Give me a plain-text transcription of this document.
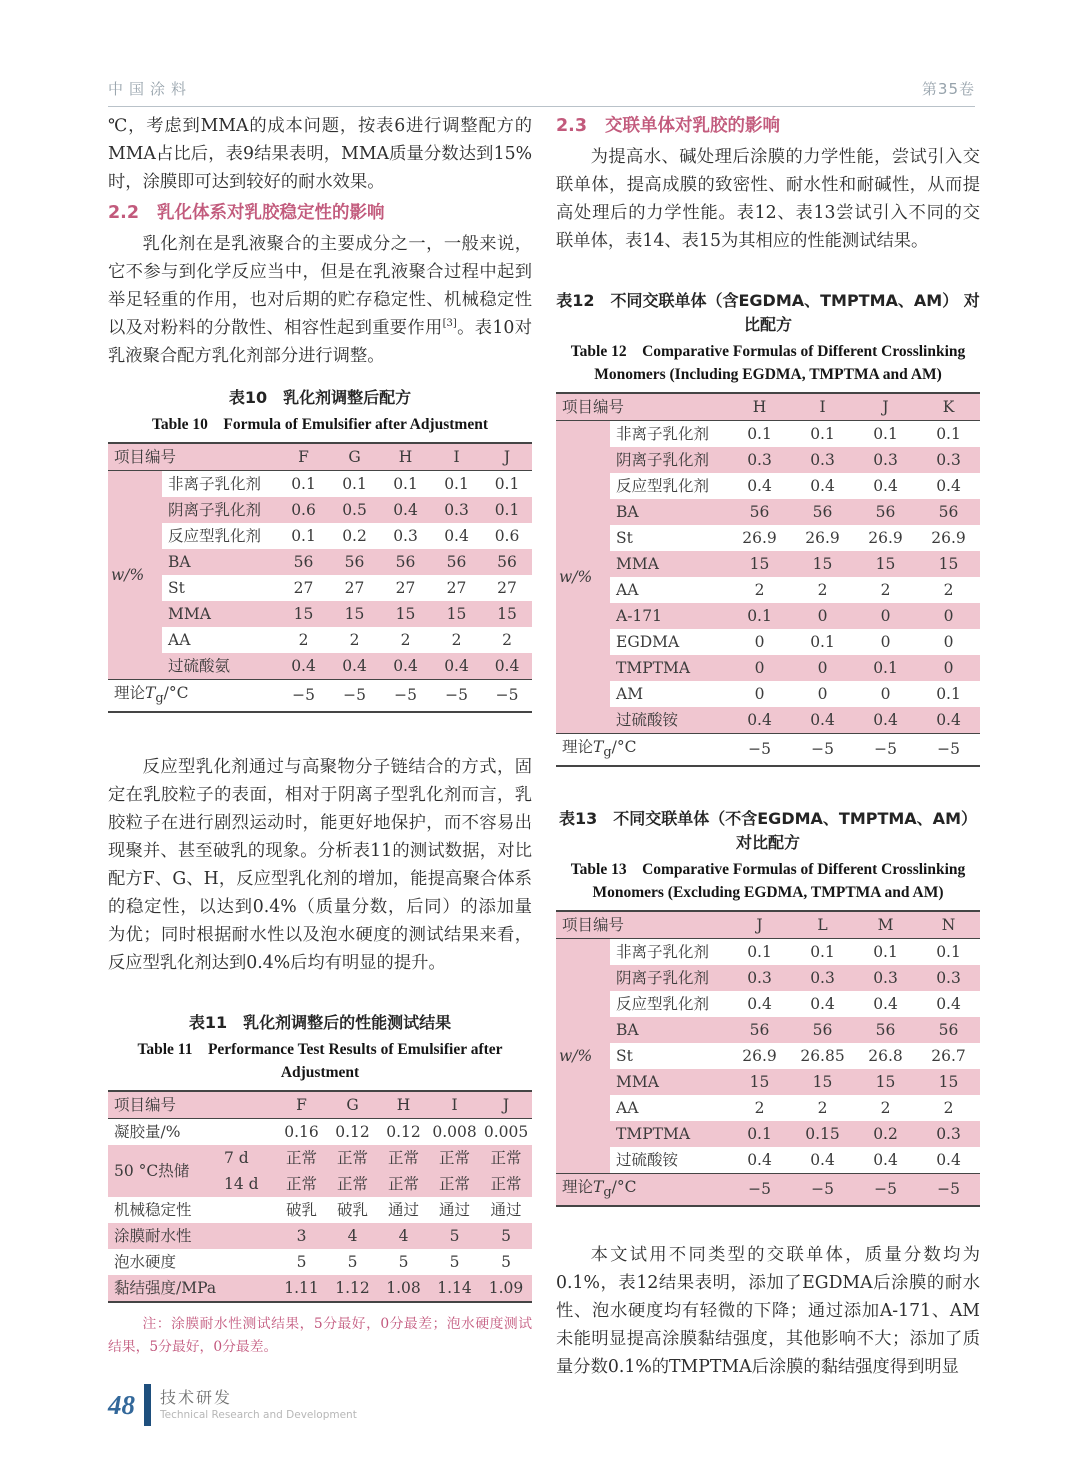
中国涂料	第35卷

℃，考虑到MMA的成本问题，按表6进行调整配方的MMA占比后，表9结果表明，MMA质量分数达到15%时，涂膜即可达到较好的耐水效果。

2.2 乳化体系对乳胶稳定性的影响

乳化剂在是乳液聚合的主要成分之一，一般来说，它不参与到化学反应当中，但是在乳液聚合过程中起到举足轻重的作用，也对后期的贮存稳定性、机械稳定性以及对粉料的分散性、相容性起到重要作用[3]。表10对乳液聚合配方乳化剂部分进行调整。

表10　乳化剂调整后配方
Table 10　Formula of Emulsifier after Adjustment
项目编号		F	G	H	I	J
w/%	非离子乳化剂	0.1	0.1	0.1	0.1	0.1
	阴离子乳化剂	0.6	0.5	0.4	0.3	0.1
	反应型乳化剂	0.1	0.2	0.3	0.4	0.6
	BA	56	56	56	56	56
	St	27	27	27	27	27
	MMA	15	15	15	15	15
	AA	2	2	2	2	2
	过硫酸氨	0.4	0.4	0.4	0.4	0.4
理论$T_g/^\circ C$		−5	−5	−5	−5	−5

反应型乳化剂通过与高聚物分子链结合的方式，固定在乳胶粒子的表面，相对于阴离子型乳化剂而言，乳胶粒子在进行剧烈运动时，能更好地保护，而不容易出现聚并、甚至破乳的现象。分析表11的测试数据，对比配方F、G、H，反应型乳化剂的增加，能提高聚合体系的稳定性，以达到0.4%（质量分数，后同）的添加量为优；同时根据耐水性以及泡水硬度的测试结果来看，反应型乳化剂达到0.4%后均有明显的提升。

表11　乳化剂调整后的性能测试结果
Table 11　Performance Test Results of Emulsifier after Adjustment
项目编号		F	G	H	I	J
凝胶量/%		0.16	0.12	0.12	0.008	0.005
50 °C热储	7 d	正常	正常	正常	正常	正常
	14 d	正常	正常	正常	正常	正常
机械稳定性		破乳	破乳	通过	通过	通过
涂膜耐水性		3	4	4	5	5
泡水硬度		5	5	5	5	5
黏结强度/MPa		1.11	1.12	1.08	1.14	1.09

注：涂膜耐水性测试结果，5分最好，0分最差；泡水硬度测试结果，5分最好，0分最差。

2.3 交联单体对乳胶的影响

为提高水、碱处理后涂膜的力学性能，尝试引入交联单体，提高成膜的致密性、耐水性和耐碱性，从而提高处理后的力学性能。表12、表13尝试引入不同的交联单体，表14、表15为其相应的性能测试结果。

表12　不同交联单体（含EGDMA、TMPTMA、AM） 对比配方
Table 12　Comparative Formulas of Different Crosslinking Monomers (Including EGDMA, TMPTMA and AM)
项目编号		H	I	J	K
w/%	非离子乳化剂	0.1	0.1	0.1	0.1
	阴离子乳化剂	0.3	0.3	0.3	0.3
	反应型乳化剂	0.4	0.4	0.4	0.4
	BA	56	56	56	56
	St	26.9	26.9	26.9	26.9
	MMA	15	15	15	15
	AA	2	2	2	2
	A-171	0.1	0	0	0
	EGDMA	0	0.1	0	0
	TMPTMA	0	0	0.1	0
	AM	0	0	0	0.1
	过硫酸铵	0.4	0.4	0.4	0.4
理论$T_g/^\circ C$		−5	−5	−5	−5
表13　不同交联单体（不含EGDMA、TMPTMA、AM） 对比配方
Table 13　Comparative Formulas of Different Crosslinking Monomers (Excluding EGDMA, TMPTMA and AM)
项目编号		J	L	M	N
w/%	非离子乳化剂	0.1	0.1	0.1	0.1
	阴离子乳化剂	0.3	0.3	0.3	0.3
	反应型乳化剂	0.4	0.4	0.4	0.4
	BA	56	56	56	56
	St	26.9	26.85	26.8	26.7
	MMA	15	15	15	15
	AA	2	2	2	2
	TMPTMA	0.1	0.15	0.2	0.3
	过硫酸铵	0.4	0.4	0.4	0.4
理论$T_g/^\circ C$		−5	−5	−5	−5

本文试用不同类型的交联单体，质量分数均为0.1%，表12结果表明，添加了EGDMA后涂膜的耐水性、泡水硬度均有轻微的下降；通过添加A-171、AM未能明显提高涂膜黏结强度，其他影响不大；添加了质量分数0.1%的TMPTMA后涂膜的黏结强度得到明显

48	技术研发
Technical Research and Development
